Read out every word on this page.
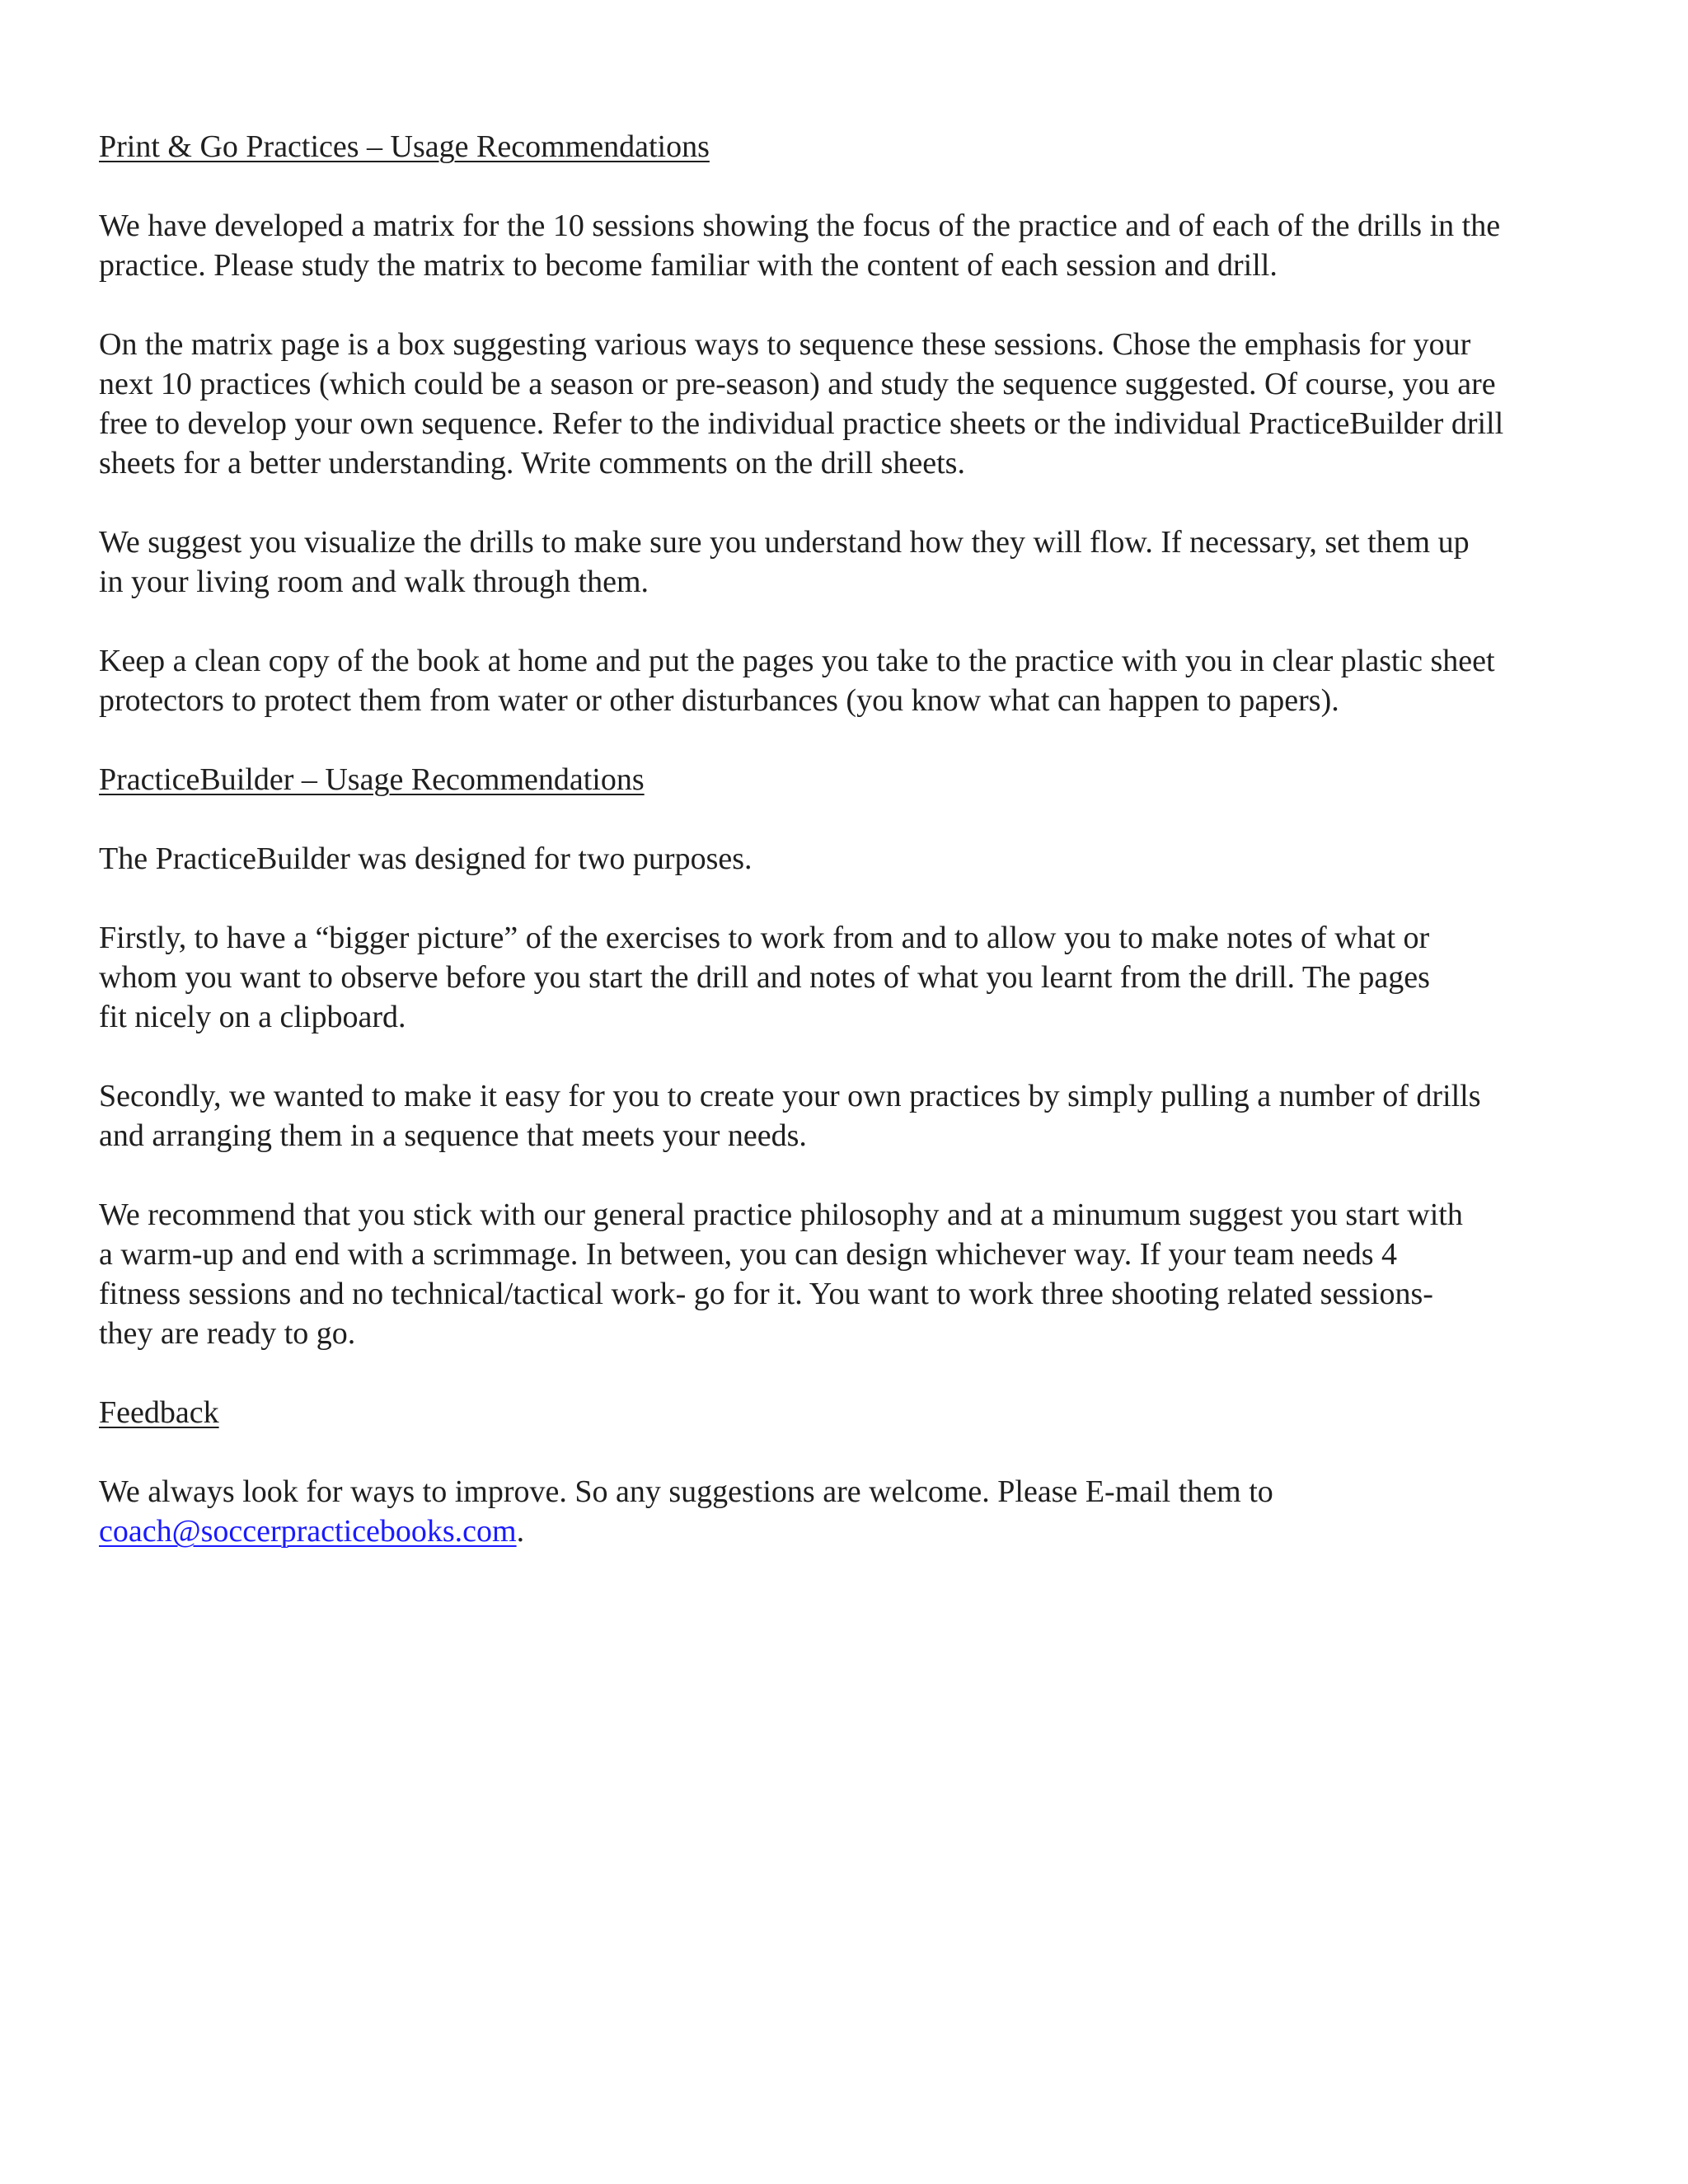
Print & Go Practices – Usage Recommendations

We have developed a matrix for the 10 sessions showing the focus of the practice and of each of the drills in the
practice. Please study the matrix to become familiar with the content of each session and drill.

On the matrix page is a box suggesting various ways to sequence these sessions. Chose the emphasis for your
next 10 practices (which could be a season or pre-season) and study the sequence suggested. Of course, you are
free to develop your own sequence. Refer to the individual practice sheets or the individual PracticeBuilder drill
sheets for a better understanding. Write comments on the drill sheets.

We suggest you visualize the drills to make sure you understand how they will flow. If necessary, set them up
in your living room and walk through them.

Keep a clean copy of the book at home and put the pages you take to the practice with you in clear plastic sheet
protectors to protect them from water or other disturbances (you know what can happen to papers).

PracticeBuilder – Usage Recommendations

The PracticeBuilder was designed for two purposes.

Firstly, to have a “bigger picture” of the exercises to work from and to allow you to make notes of what or
whom you want to observe before you start the drill and notes of what you learnt from the drill. The pages
fit nicely on a clipboard.

Secondly, we wanted to make it easy for you to create your own practices by simply pulling a number of drills
and arranging them in a sequence that meets your needs.

We recommend that you stick with our general practice philosophy and at a minumum suggest you start with
a warm-up and end with a scrimmage. In between, you can design whichever way. If your team needs 4
fitness sessions and no technical/tactical work- go for it. You want to work three shooting related sessions-
they are ready to go.

Feedback

We always look for ways to improve. So any suggestions are welcome. Please E-mail them to
coach@soccerpracticebooks.com.
